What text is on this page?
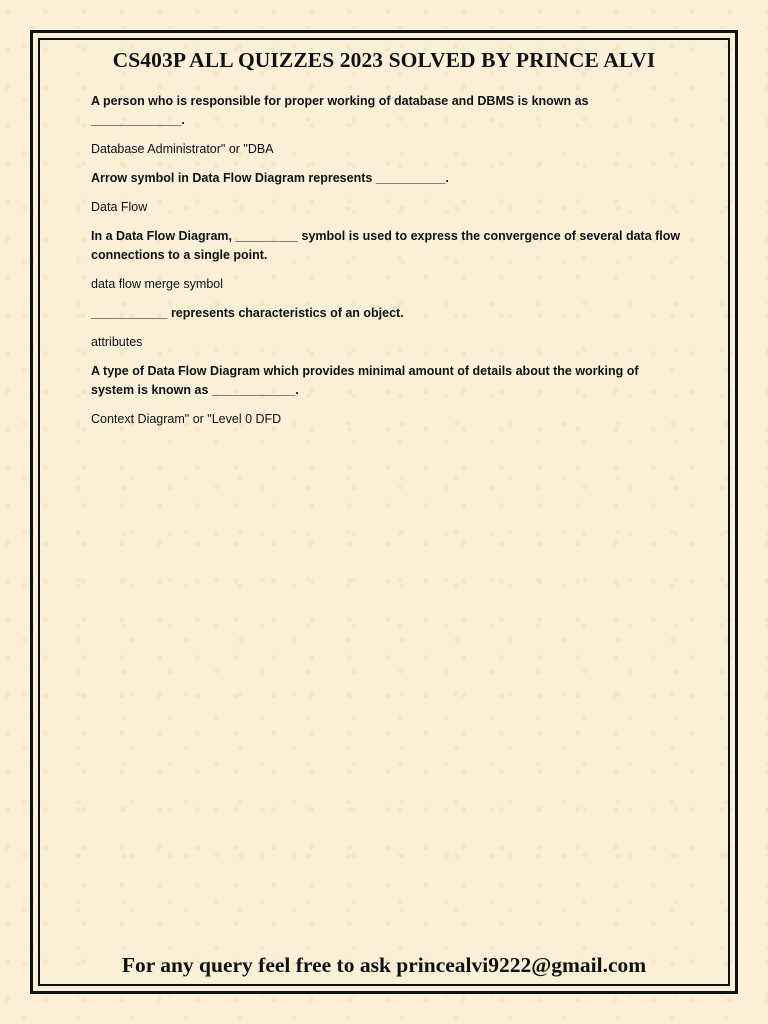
CS403P ALL QUIZZES 2023 SOLVED BY PRINCE ALVI

A person who is responsible for proper working of database and DBMS is known as _____________.

Database Administrator" or "DBA

Arrow symbol in Data Flow Diagram represents __________.

Data Flow

In a Data Flow Diagram, _________ symbol is used to express the convergence of several data flow connections to a single point.

data flow merge symbol

___________ represents characteristics of an object.

attributes

A type of Data Flow Diagram which provides minimal amount of details about the working of system is known as ____________.

Context Diagram" or "Level 0 DFD

For any query feel free to ask princealvi9222@gmail.com
